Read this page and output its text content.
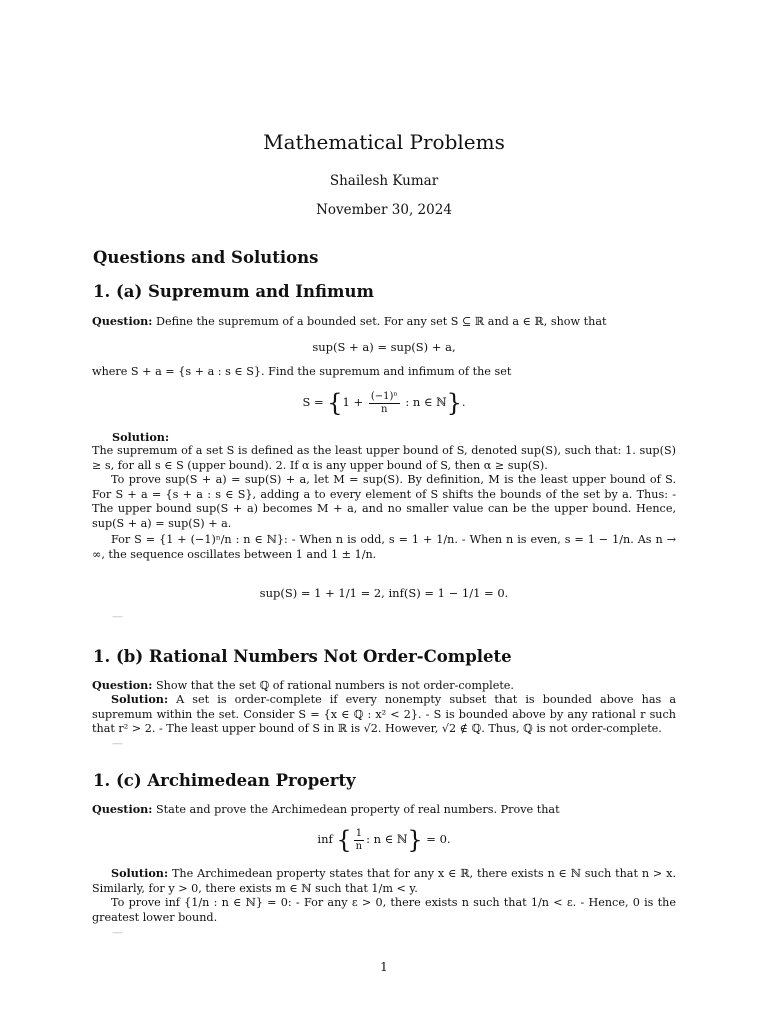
Mathematical Problems
Shailesh Kumar
November 30, 2024
Questions and Solutions
1. (a) Supremum and Infimum
Question: Define the supremum of a bounded set. For any set S ⊆ ℝ and a ∈ ℝ, show that
sup(S + a) = sup(S) + a,
where S + a = {s + a : s ∈ S}. Find the supremum and infimum of the set
$S = \{1 + \frac{\text{(−1)ⁿ}}{n}$ : n ∈ ℕ}.
Solution:
The supremum of a set S is defined as the least upper bound of S, denoted sup(S), such that: 1. sup(S) ≥ s, for all s ∈ S (upper bound). 2. If α is any upper bound of S, then α ≥ sup(S).
To prove sup(S + a) = sup(S) + a, let M = sup(S). By definition, M is the least upper bound of S. For S + a = {s + a : s ∈ S}, adding a to every element of S shifts the bounds of the set by a. Thus: - The upper bound sup(S + a) becomes M + a, and no smaller value can be the upper bound. Hence, sup(S + a) = sup(S) + a.
For S = {1 + (−1)ⁿ/n : n ∈ ℕ}: - When n is odd, s = 1 + 1/n. - When n is even, s = 1 − 1/n. As n → ∞, the sequence oscillates between 1 and 1 ± 1/n.
sup(S) = 1 + 1/1 = 2, inf(S) = 1 − 1/1 = 0.
—
1. (b) Rational Numbers Not Order-Complete
Question: Show that the set ℚ of rational numbers is not order-complete.
Solution: A set is order-complete if every nonempty subset that is bounded above has a supremum within the set. Consider S = {x ∈ ℚ : x² < 2}. - S is bounded above by any rational r such that r² > 2. - The least upper bound of S in ℝ is √2. However, √2 ∉ ℚ. Thus, ℚ is not order-complete.
—
1. (c) Archimedean Property
Question: State and prove the Archimedean property of real numbers. Prove that
inf { $\frac{1}{n}$ : n ∈ ℕ} = 0.
Solution: The Archimedean property states that for any x ∈ ℝ, there exists n ∈ ℕ such that n > x. Similarly, for y > 0, there exists m ∈ ℕ such that 1/m < y.
To prove inf {1/n : n ∈ ℕ} = 0: - For any ε > 0, there exists n such that 1/n < ε. - Hence, 0 is the greatest lower bound.
—
1
